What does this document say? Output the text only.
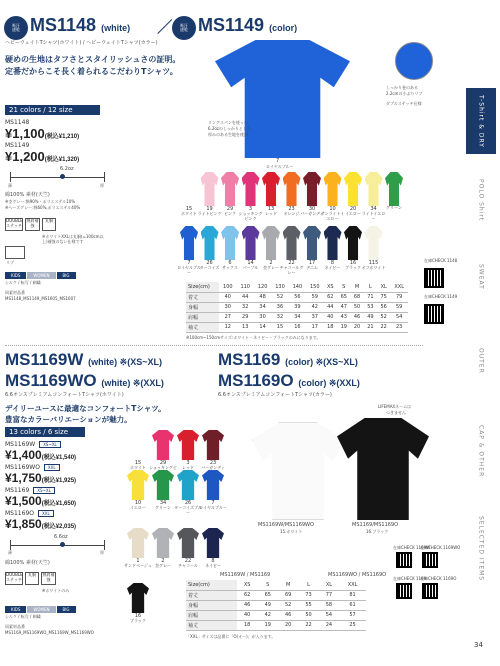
吸汗
速乾 MS1148 (white)	吸汗
速乾 MS1149 (color)
ヘビーウェイトTシャツ(ホワイト) / ヘビーウェイトTシャツ(カラー)
硬めの生地はタフさとスタイリッシュさの証明。
定番だからこそ長く着られるこだわりTシャツ。
21 colors / 12 size
MS1148
¥1,100(税込¥1,210)
MS1149
¥1,200(税込¥1,320)
6.2oz
薄	厚
綿100% 素材(天竺)
※杢グレー:綿90%・ポリエステル10%
※ヘーズグレー:綿60%,ポリエステル40%
DOUBLE ステッチ
綿肩補強
丸胴
※ホワイトXXLは丸胴(=100cm以上)補強のない仕様です
リブ
KIDS	WOMEN	BIG
シルク / 転写 / 刺繍
同素材品番
MS1148_MS1149_MS1605_MS1607
しっかり巻のある
2.2cmの小ぶりリブ
ダブルステッチ仕様
リングスパンを使った
6.2ozのしっかりとした
厚みのある生地を使用
7
ロイヤルブルー
15
ホワイト
19
ライトピンク
29
ピンク
3
ショッキングピンク
13
レッド
23
オレンジ
30
バーガンディ
10
サンライトイエロー
20
イエロー
34
ライトイエロー
グリーン
7
ロイヤルブルー
26
ターコイズ
6
サックス
14
パープル
2
杢グレー
22
チャコールグレー
17
デニム
8
ネイビー
16
ブラック
115
オフホワイト
Size(cm)	100	110	120	130	140	150	XS	S	M	L	XL	XXL
着丈	40	44	48	52	56	59	62	65	68	71	75	79
身幅	30	32	34	36	39	42	44	47	50	53	56	59
肩幅	27	29	30	32	34	37	40	43	46	49	52	54
袖丈	12	13	14	15	16	17	18	19	20	21	22	23
※100cm~150cmサイズ:ホワイト・ネイビー・ブラックのみになります。
在庫CHECK 1148
在庫CHECK 1149
MS1169W (white) ※(XS~XL)
MS1169WO (white) ※(XXL)
6.6オンスプレミアムコンフォートTシャツ(ホワイト)
MS1169 (color) ※(XS~XL)
MS1169O (color) ※(XXL)
6.6オンスプレミアムコンフォートTシャツ(カラー)
デイリーユースに最適なコンフォートTシャツ。
豊富なカラーバリエーションが魅力。
LIFEMAXネームは
つきません
13 colors / 6 size
MS1169W XS~XL
¥1,400(税込¥1,540)
MS1169WO XXL
¥1,750(税込¥1,925)
MS1169 XS~XL
¥1,500(税込¥1,650)
MS1169O XXL
¥1,850(税込¥2,035)
6.6oz
薄	厚
綿100% 素材(天竺)
DOUBLE ステッチ
丸胴	綿肩補強
※ホワイトのみ
KIDS	WOMEN	BIG
シルク / 転写 / 刺繍
同素材品番
MS1169_MS1169WO_MS1169W_MS1169WO
15
ホワイト
29
ショッキングピ
3
レッド
23
バーガンディ
10
イエロー
34
グリーン
26
ターコイズブルー
7
ロイヤルブルー
1
サンドベージュ
2
杢グレー
22
チャコール
8
ネイビー
16
ブラック
MS1169W/MS1169WO
15.ホワイト
MS1169/MS1169O
16.ブラック
在庫CHECK 1169W
在庫CHECK 1169WO
在庫CHECK 1169
在庫CHECK 1169O
MS1169W / MS1169	MS1169WO / MS1169O
Size(cm)	XS	S	M	L	XL	XXL
着丈	62	65	69	73	77	81
身幅	46	49	52	55	58	61
肩幅	40	42	46	50	54	57
袖丈	18	19	20	22	24	25
「XXL」サイズは品番に「O(オー)」が入ります。
T-Shirt & DRY
POLO Shirt
SWEAT
OUTER
CAP & OTHER
SELECTED ITEMS
34
